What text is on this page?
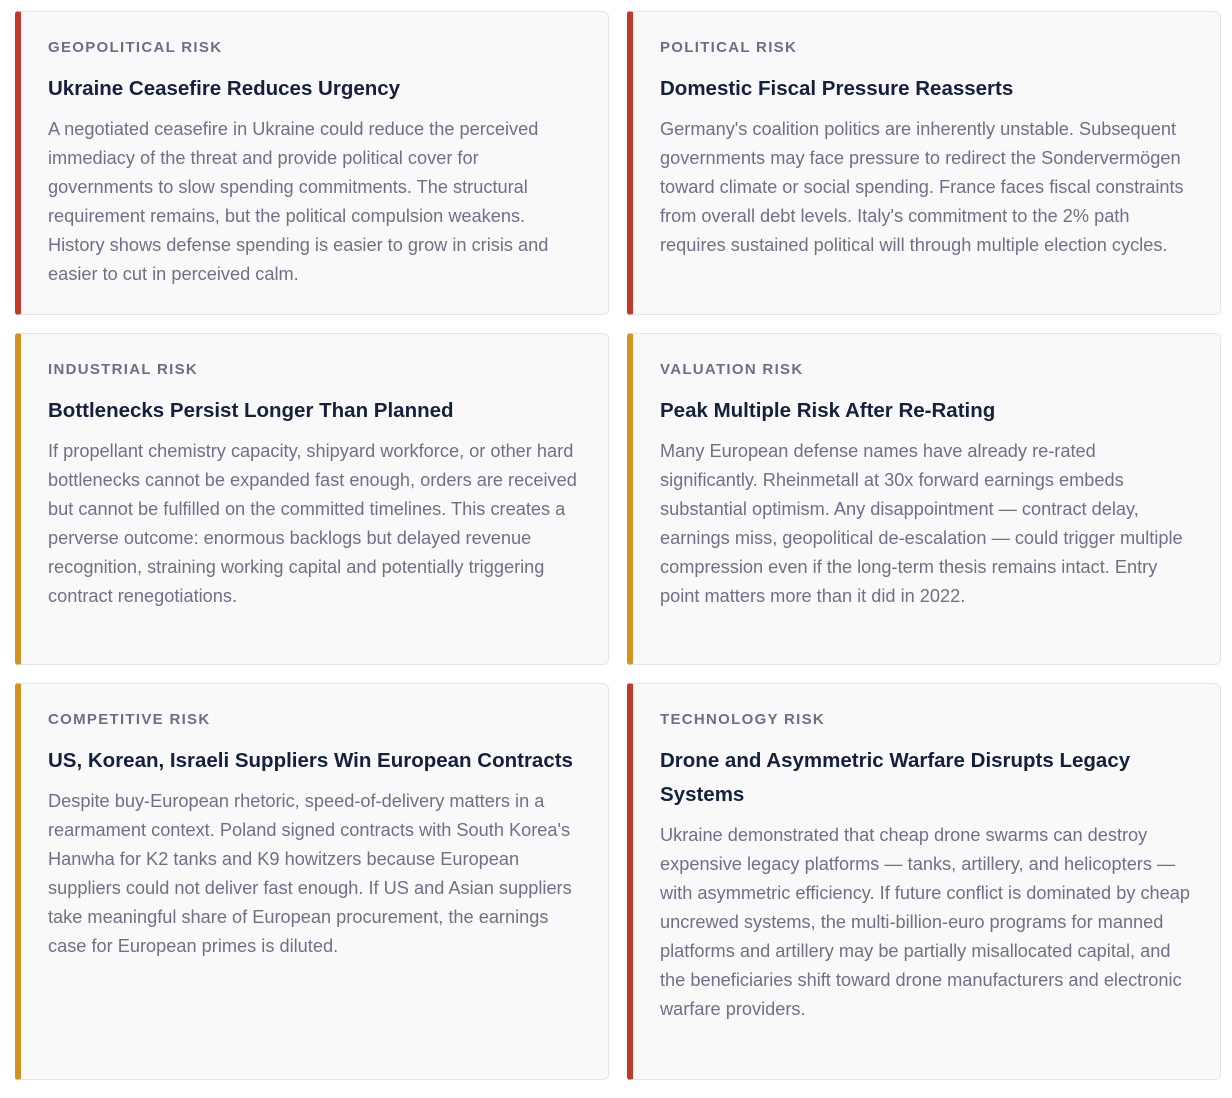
GEOPOLITICAL RISK
Ukraine Ceasefire Reduces Urgency

A negotiated ceasefire in Ukraine could reduce the perceived immediacy of the threat and provide political cover for governments to slow spending commitments. The structural requirement remains, but the political compulsion weakens. History shows defense spending is easier to grow in crisis and easier to cut in perceived calm.

POLITICAL RISK
Domestic Fiscal Pressure Reasserts

Germany's coalition politics are inherently unstable. Subsequent governments may face pressure to redirect the Sondervermögen toward climate or social spending. France faces fiscal constraints from overall debt levels. Italy's commitment to the 2% path requires sustained political will through multiple election cycles.

INDUSTRIAL RISK
Bottlenecks Persist Longer Than Planned

If propellant chemistry capacity, shipyard workforce, or other hard bottlenecks cannot be expanded fast enough, orders are received but cannot be fulfilled on the committed timelines. This creates a perverse outcome: enormous backlogs but delayed revenue recognition, straining working capital and potentially triggering contract renegotiations.

VALUATION RISK
Peak Multiple Risk After Re-Rating

Many European defense names have already re-rated significantly. Rheinmetall at 30x forward earnings embeds substantial optimism. Any disappointment — contract delay, earnings miss, geopolitical de-escalation — could trigger multiple compression even if the long-term thesis remains intact. Entry point matters more than it did in 2022.

COMPETITIVE RISK
US, Korean, Israeli Suppliers Win European Contracts

Despite buy-European rhetoric, speed-of-delivery matters in a rearmament context. Poland signed contracts with South Korea's Hanwha for K2 tanks and K9 howitzers because European suppliers could not deliver fast enough. If US and Asian suppliers take meaningful share of European procurement, the earnings case for European primes is diluted.

TECHNOLOGY RISK
Drone and Asymmetric Warfare Disrupts Legacy Systems

Ukraine demonstrated that cheap drone swarms can destroy expensive legacy platforms — tanks, artillery, and helicopters — with asymmetric efficiency. If future conflict is dominated by cheap uncrewed systems, the multi-billion-euro programs for manned platforms and artillery may be partially misallocated capital, and the beneficiaries shift toward drone manufacturers and electronic warfare providers.
